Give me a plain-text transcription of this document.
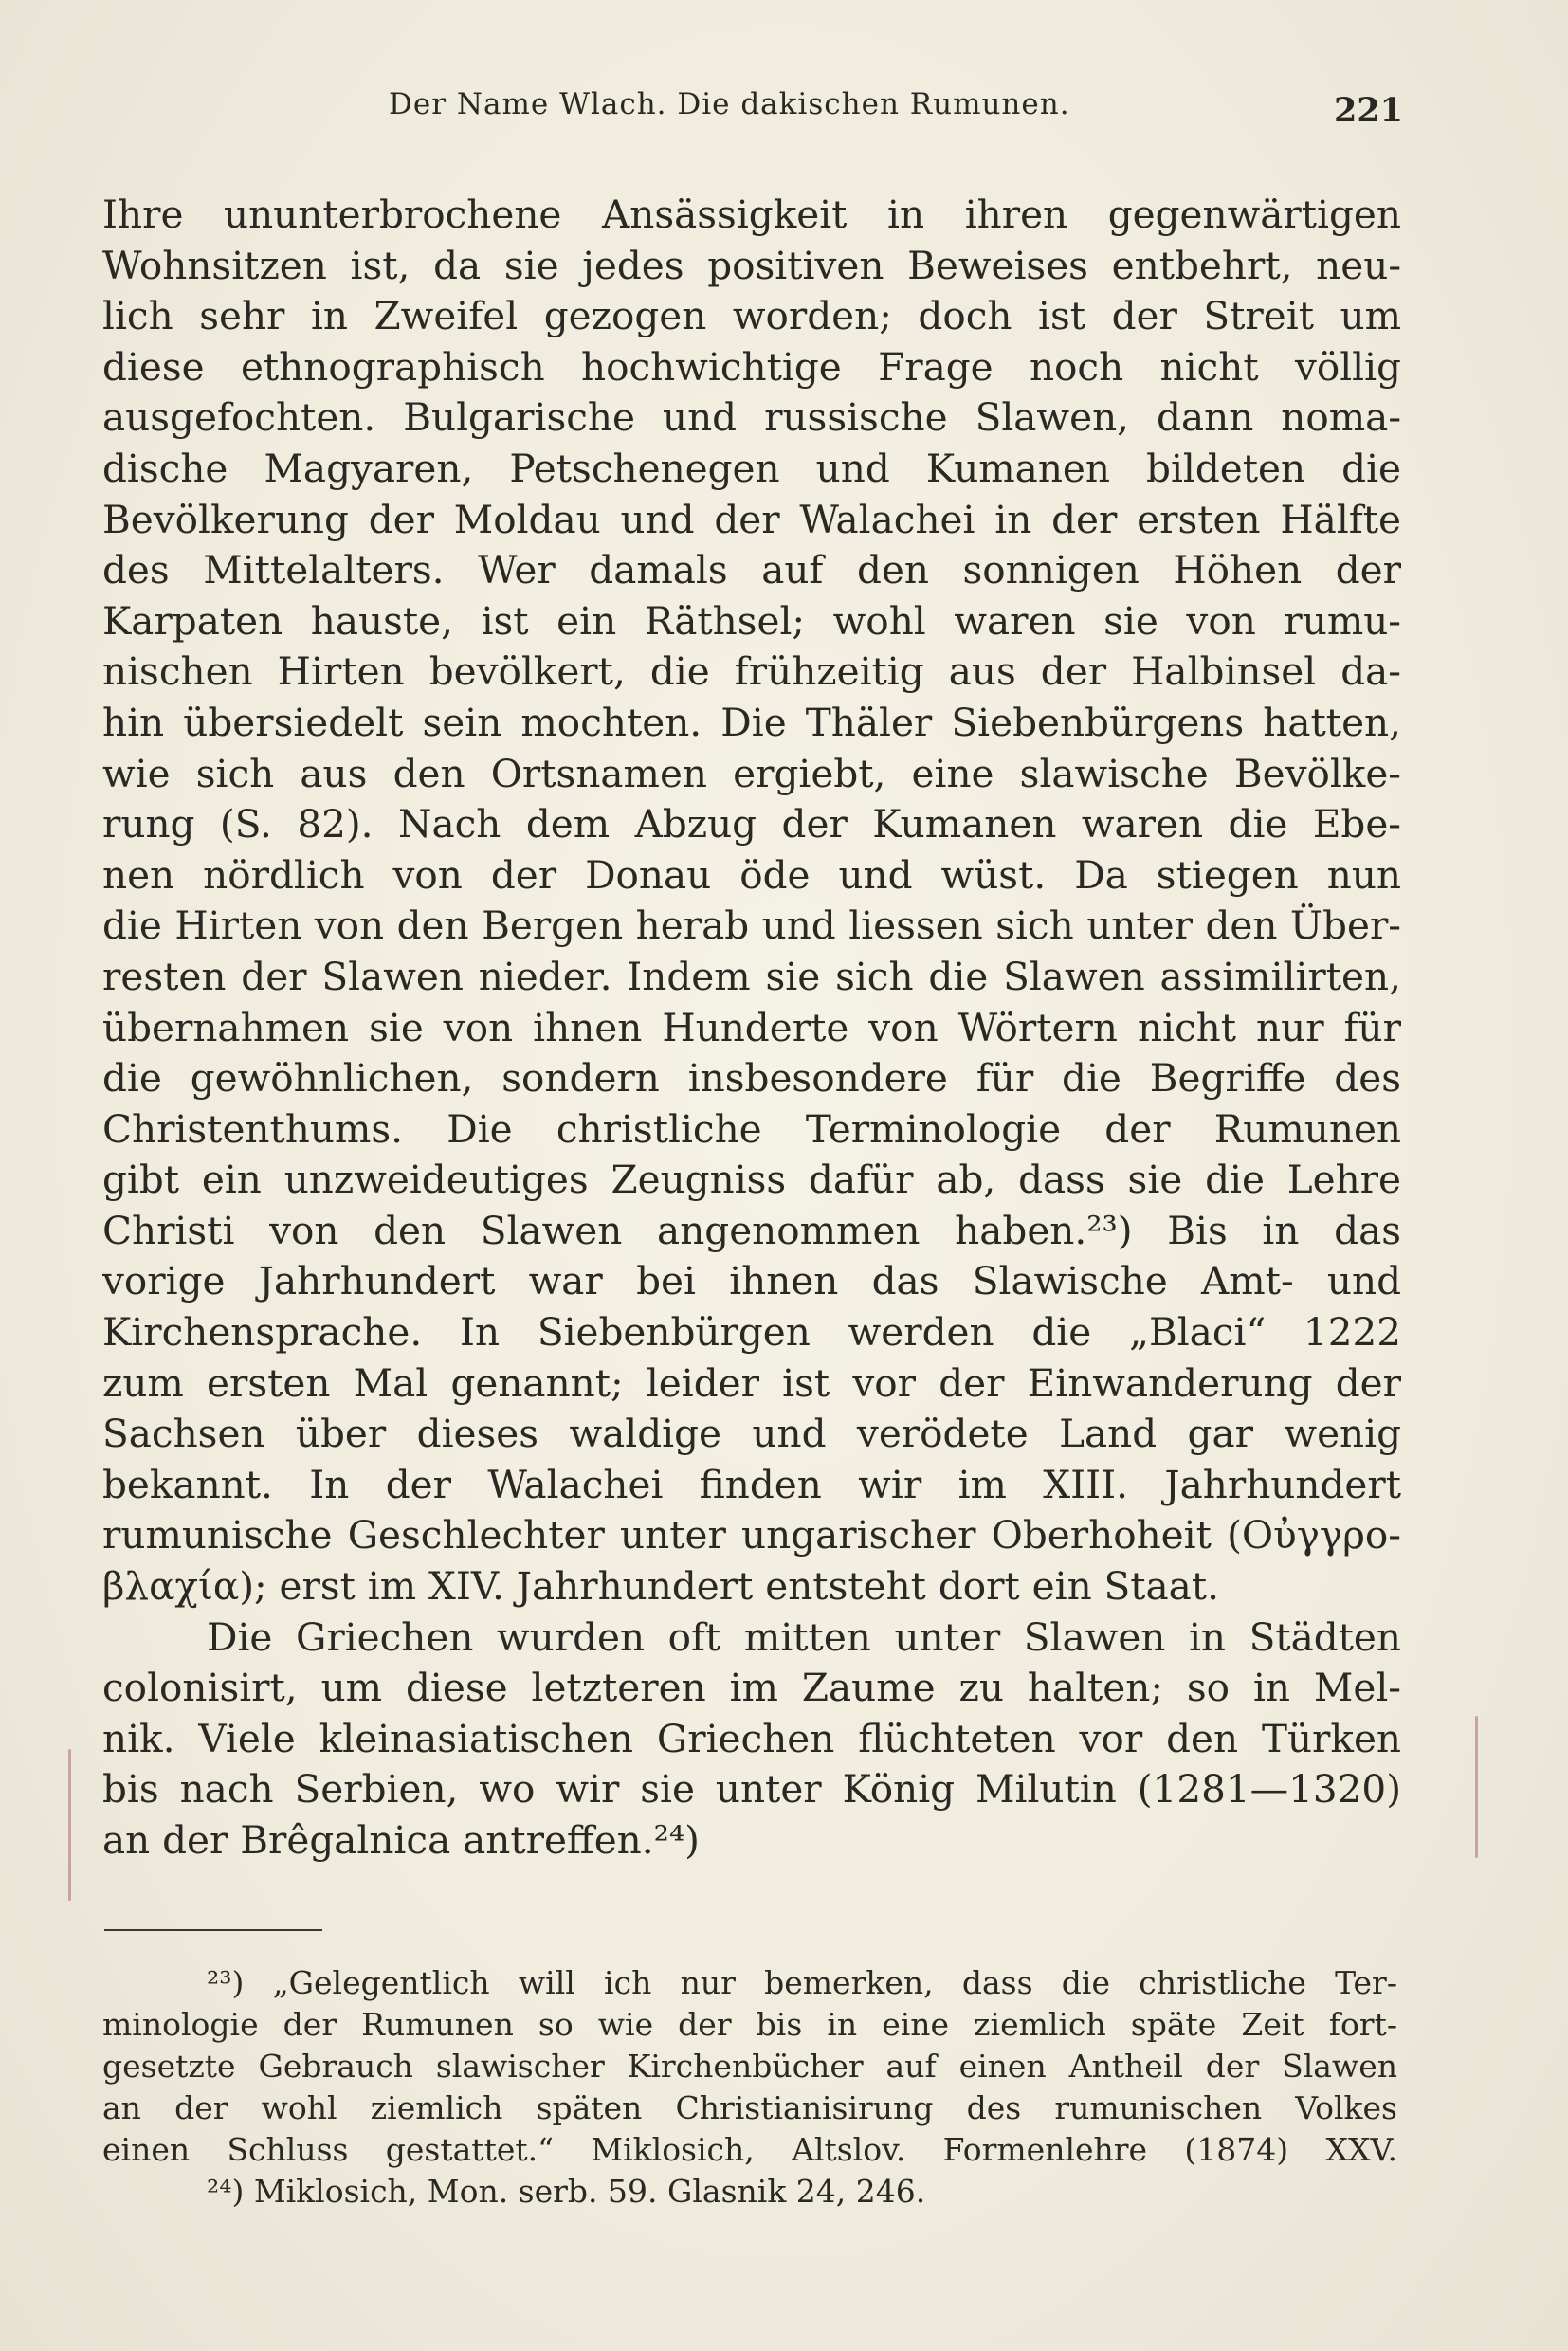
Der Name Wlach. Die dakischen Rumunen.	221
Ihre ununterbrochene Ansässigkeit in ihren gegenwärtigen
Wohnsitzen ist, da sie jedes positiven Beweises entbehrt, neu-
lich sehr in Zweifel gezogen worden; doch ist der Streit um
diese ethnographisch hochwichtige Frage noch nicht völlig
ausgefochten. Bulgarische und russische Slawen, dann noma-
dische Magyaren, Petschenegen und Kumanen bildeten die
Bevölkerung der Moldau und der Walachei in der ersten Hälfte
des Mittelalters. Wer damals auf den sonnigen Höhen der
Karpaten hauste, ist ein Räthsel; wohl waren sie von rumu-
nischen Hirten bevölkert, die frühzeitig aus der Halbinsel da-
hin übersiedelt sein mochten. Die Thäler Siebenbürgens hatten,
wie sich aus den Ortsnamen ergiebt, eine slawische Bevölke-
rung (S. 82). Nach dem Abzug der Kumanen waren die Ebe-
nen nördlich von der Donau öde und wüst. Da stiegen nun
die Hirten von den Bergen herab und liessen sich unter den Über-
resten der Slawen nieder. Indem sie sich die Slawen assimilirten,
übernahmen sie von ihnen Hunderte von Wörtern nicht nur für
die gewöhnlichen, sondern insbesondere für die Begriffe des
Christenthums. Die christliche Terminologie der Rumunen
gibt ein unzweideutiges Zeugniss dafür ab, dass sie die Lehre
Christi von den Slawen angenommen haben.²³) Bis in das
vorige Jahrhundert war bei ihnen das Slawische Amt- und
Kirchensprache. In Siebenbürgen werden die „Blaci“ 1222
zum ersten Mal genannt; leider ist vor der Einwanderung der
Sachsen über dieses waldige und verödete Land gar wenig
bekannt. In der Walachei finden wir im XIII. Jahrhundert
rumunische Geschlechter unter ungarischer Oberhoheit (Οὐγγρο-
βλαχία); erst im XIV. Jahrhundert entsteht dort ein Staat.
Die Griechen wurden oft mitten unter Slawen in Städten
colonisirt, um diese letzteren im Zaume zu halten; so in Mel-
nik. Viele kleinasiatischen Griechen flüchteten vor den Türken
bis nach Serbien, wo wir sie unter König Milutin (1281—1320)
an der Brêgalnica antreffen.²⁴)
²³) „Gelegentlich will ich nur bemerken, dass die christliche Ter-
minologie der Rumunen so wie der bis in eine ziemlich späte Zeit fort-
gesetzte Gebrauch slawischer Kirchenbücher auf einen Antheil der Slawen
an der wohl ziemlich späten Christianisirung des rumunischen Volkes
einen Schluss gestattet.“ Miklosich, Altslov. Formenlehre (1874) XXV.
²⁴) Miklosich, Mon. serb. 59. Glasnik 24, 246.
